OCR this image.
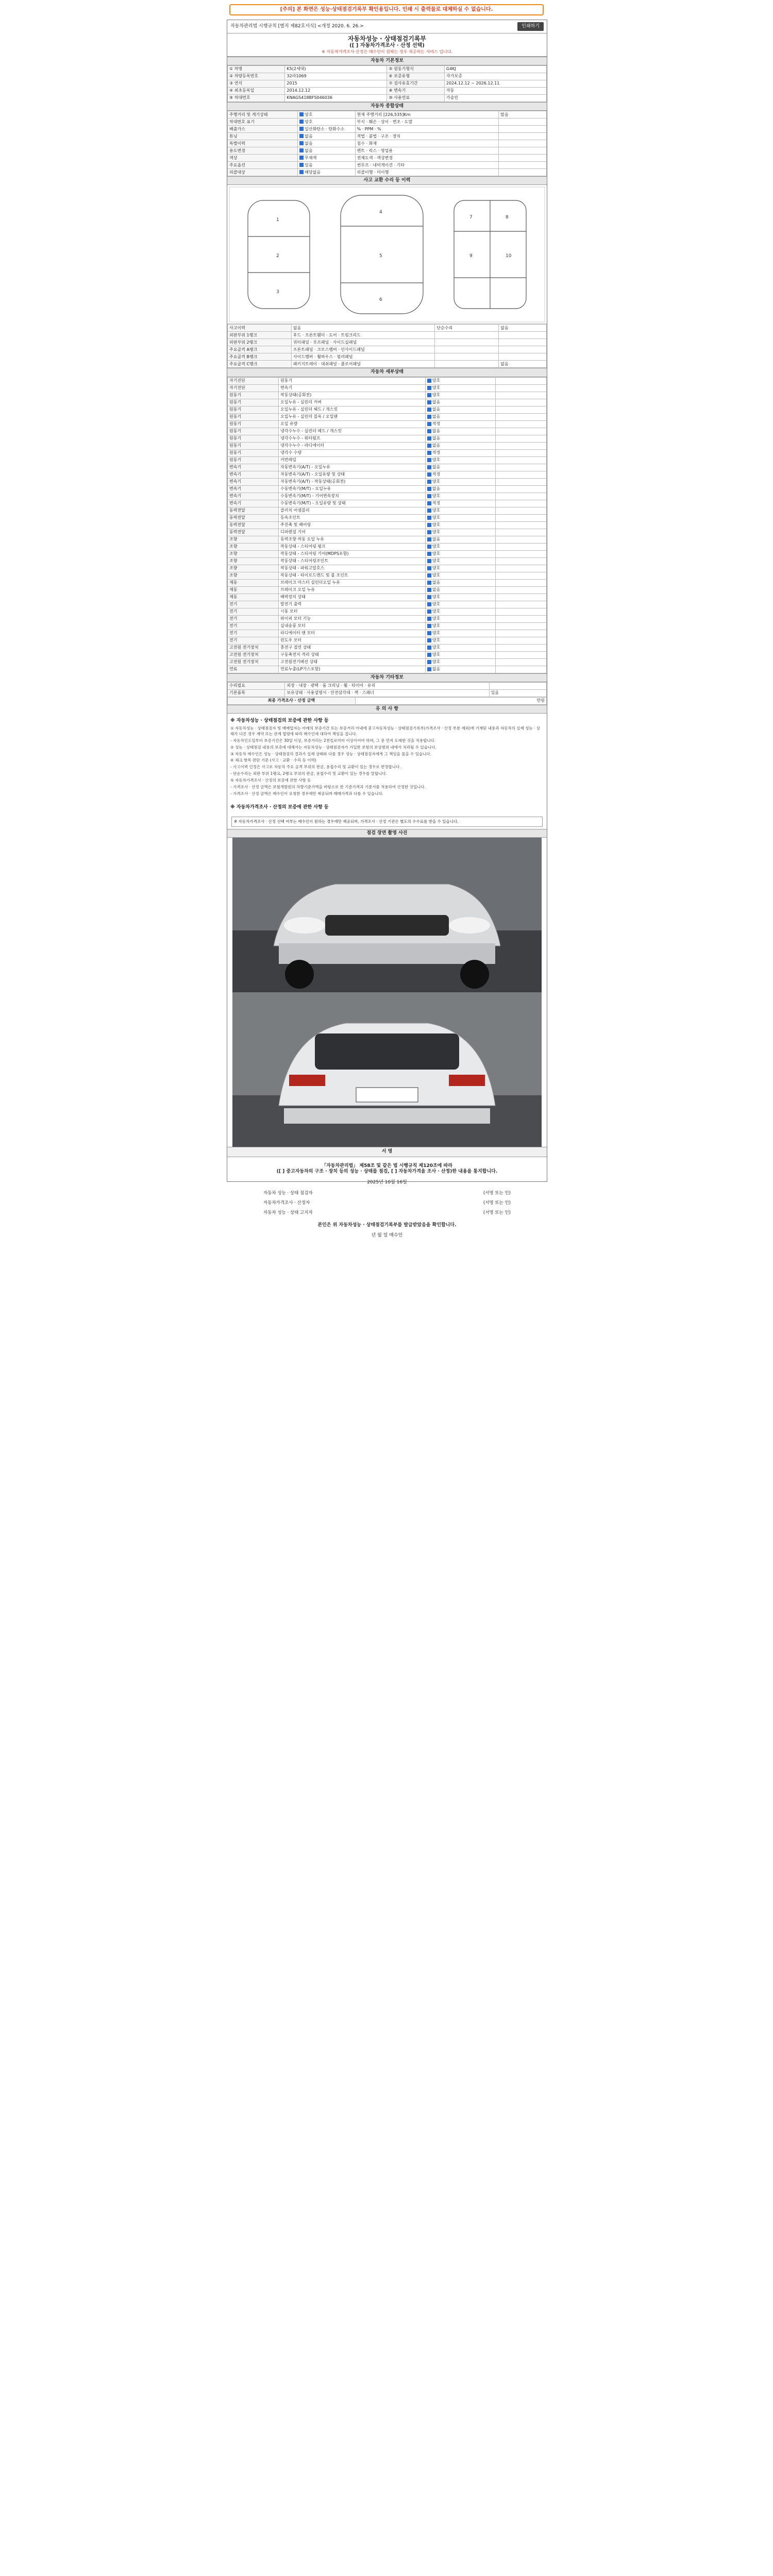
[주의] 본 화면은 성능·상태점검기록부 확인용입니다. 인쇄 시 출력물로 대체하실 수 없습니다.
자동차관리법 시행규칙 [별지 제82호서식] <개정 2020. 6. 26.>	인쇄하기
자동차성능 · 상태점검기록부
([ ] 자동차가격조사 · 산정 선택)
※ 자동차가격조사·산정은 매수인이 원하는 경우 제공하는 서비스 입니다.
자동차 기본정보
① 차명	K5(2세대)	⑤ 원동기형식	G4KJ
② 차량등록번호	32라1069	⑥ 보증유형	자가보증
③ 연식	2015	⑦ 검사유효기간	2024.12.12 ~ 2026.12.11
④ 최초등록일	2014.12.12	⑧ 변속기	자동
⑨ 차대번호	KNAGS418BFS046036	⑩ 사용연료	가솔린
자동차 종합상태
주행거리 및 계기상태	양호	현재 주행거리 [226,535]Km	많음
차대번호 표기	양호	부식 · 훼손 · 상이 · 변조 · 도말	
배출가스	일산화탄소 · 탄화수소	% · PPM · %	
튜닝	없음	적법 · 불법 · 구조 · 장치	
특별이력	없음	침수 · 화재	
용도변경	없음	렌트 · 리스 · 영업용	
색상	무채색	전체도색 · 색상변경	
주요옵션	있음	썬루프 · 내비게이션 · 기타	
리콜대상	해당없음	리콜이행 · 미이행	
사고 교환 수리 등 이력
1
2
3
4
5
6
7	8
9	10
사고이력	없음	단순수리	없음
외판부위 1랭크	후드 · 프론트휀더 · 도어 · 트렁크리드		
외판부위 2랭크	쿼터패널 · 루프패널 · 사이드실패널		
주요골격 A랭크	프론트패널 · 크로스멤버 · 인사이드패널		
주요골격 B랭크	사이드멤버 · 휠하우스 · 필러패널		
주요골격 C랭크	패키지트레이 · 대쉬패널 · 플로어패널		없음
자동차 세부상태
자기진단	원동기	양호	
자기진단	변속기	양호	
원동기	작동상태(공회전)	양호	
원동기	오일누유 - 실린더 커버	없음	
원동기	오일누유 - 실린더 헤드 / 개스킷	없음	
원동기	오일누유 - 실린더 블록 / 오일팬	없음	
원동기	오일 유량	적정	
원동기	냉각수누수 - 실린더 헤드 / 개스킷	없음	
원동기	냉각수누수 - 워터펌프	없음	
원동기	냉각수누수 - 라디에이터	없음	
원동기	냉각수 수량	적정	
원동기	커먼레일	양호	
변속기	자동변속기(A/T) - 오일누유	없음	
변속기	자동변속기(A/T) - 오일유량 및 상태	적정	
변속기	자동변속기(A/T) - 작동상태(공회전)	양호	
변속기	수동변속기(M/T) - 오일누유	없음	
변속기	수동변속기(M/T) - 기어변속장치	양호	
변속기	수동변속기(M/T) - 오일유량 및 상태	적정	
동력전달	클러치 어셈블리	양호	
동력전달	등속조인트	양호	
동력전달	추진축 및 베어링	양호	
동력전달	디퍼렌셜 기어	양호	
조향	동력조향 작동 오일 누유	없음	
조향	작동상태 - 스티어링 펌프	양호	
조향	작동상태 - 스티어링 기어(MDPS포함)	양호	
조향	작동상태 - 스티어링조인트	양호	
조향	작동상태 - 파워고압호스	양호	
조향	작동상태 - 타이로드엔드 및 볼 조인트	양호	
제동	브레이크 마스터 실린더오일 누유	없음	
제동	브레이크 오일 누유	없음	
제동	배력장치 상태	양호	
전기	발전기 출력	양호	
전기	시동 모터	양호	
전기	와이퍼 모터 기능	양호	
전기	실내송풍 모터	양호	
전기	라디에이터 팬 모터	양호	
전기	윈도우 모터	양호	
고전원 전기장치	충전구 절연 상태	양호	
고전원 전기장치	구동축전지 격리 상태	양호	
고전원 전기장치	고전원전기배선 상태	양호	
연료	연료누출(LP가스포함)	없음	
자동차 기타정보
수리필요	외장 · 내장 · 광택 · 룸 크리닝 · 휠 · 타이어 · 유리	
기본품목	보유상태 · 사용설명서 · 안전삼각대 · 잭 · 스패너	있음
최종 가격조사 · 산정 금액	만원
유 의 사 항

※ 자동차성능 · 상태점검의 보증에 관한 사항 등

① 자동차성능 · 상태점검자 및 매매업자는 아래의 보증기간 또는 보증거리 이내에 중고자동차성능 · 상태점검기록부(가격조사 · 산정 부분 제외)에 기재된 내용과 자동차의 실제 성능 · 상태가 다른 경우 계약 또는 관계 법령에 따라 매수인에 대하여 책임을 집니다.

- 자동차인도일부터 보증기간은 30일 이상, 보증거리는 2천킬로미터 이상이어야 하며, 그 중 먼저 도래한 것을 적용합니다.

② 성능 · 상태점검 내용의 보증에 대해서는 자동차성능 · 상태점검자가 가입한 보험의 보상범위 내에서 처리될 수 있습니다.

③ 자동차 매수인은 성능 · 상태점검의 결과가 실제 상태와 다를 경우 성능 · 상태점검자에게 그 책임을 물을 수 있습니다.

④ 체크 항목 판단 기준 (사고 · 교환 · 수리 등 이력)

- 사고이력 인정은 사고로 자동차 주요 골격 부위의 판금, 용접수리 및 교환이 있는 경우로 한정합니다.

- 단순수리는 외판 부위 1랭크, 2랭크 부위의 판금, 용접수리 및 교환이 있는 경우를 말합니다.

⑤ 자동차가격조사 · 산정의 보증에 관한 사항 등

- 가격조사 · 산정 금액은 보험개발원의 차량기준가액을 바탕으로 한 기준가격과 기준서를 적용하여 산정한 것입니다.

- 가격조사 · 산정 금액은 매수인이 요청한 경우에만 제공되며 매매가격과 다를 수 있습니다.

※ 자동차가격조사 · 산정의 보증에 관한 사항 등

※ 자동차가격조사 · 산정 선택 여부는 매수인이 원하는 경우에만 제공되며, 가격조사 · 산정 기관은 별도의 수수료를 받을 수 있습니다.
점검 장면 촬영 사진
서 명
「자동차관리법」 제58조 및 같은 법 시행규칙 제120조에 따라
([ ] 중고자동차의 구조 · 장치 등의 성능 · 상태를 점검, [ ] 자동차가격을 조사 · 산정)한 내용을 통지합니다.
2025년 10월 16일
자동차 성능 · 상태 점검자	(서명 또는 인)
자동차가격조사 · 산정자	(서명 또는 인)
자동차 성능 · 상태 고지자	(서명 또는 인)
본인은 위 자동차성능 · 상태점검기록부를 발급받았음을 확인합니다.
년 월 일 매수인
